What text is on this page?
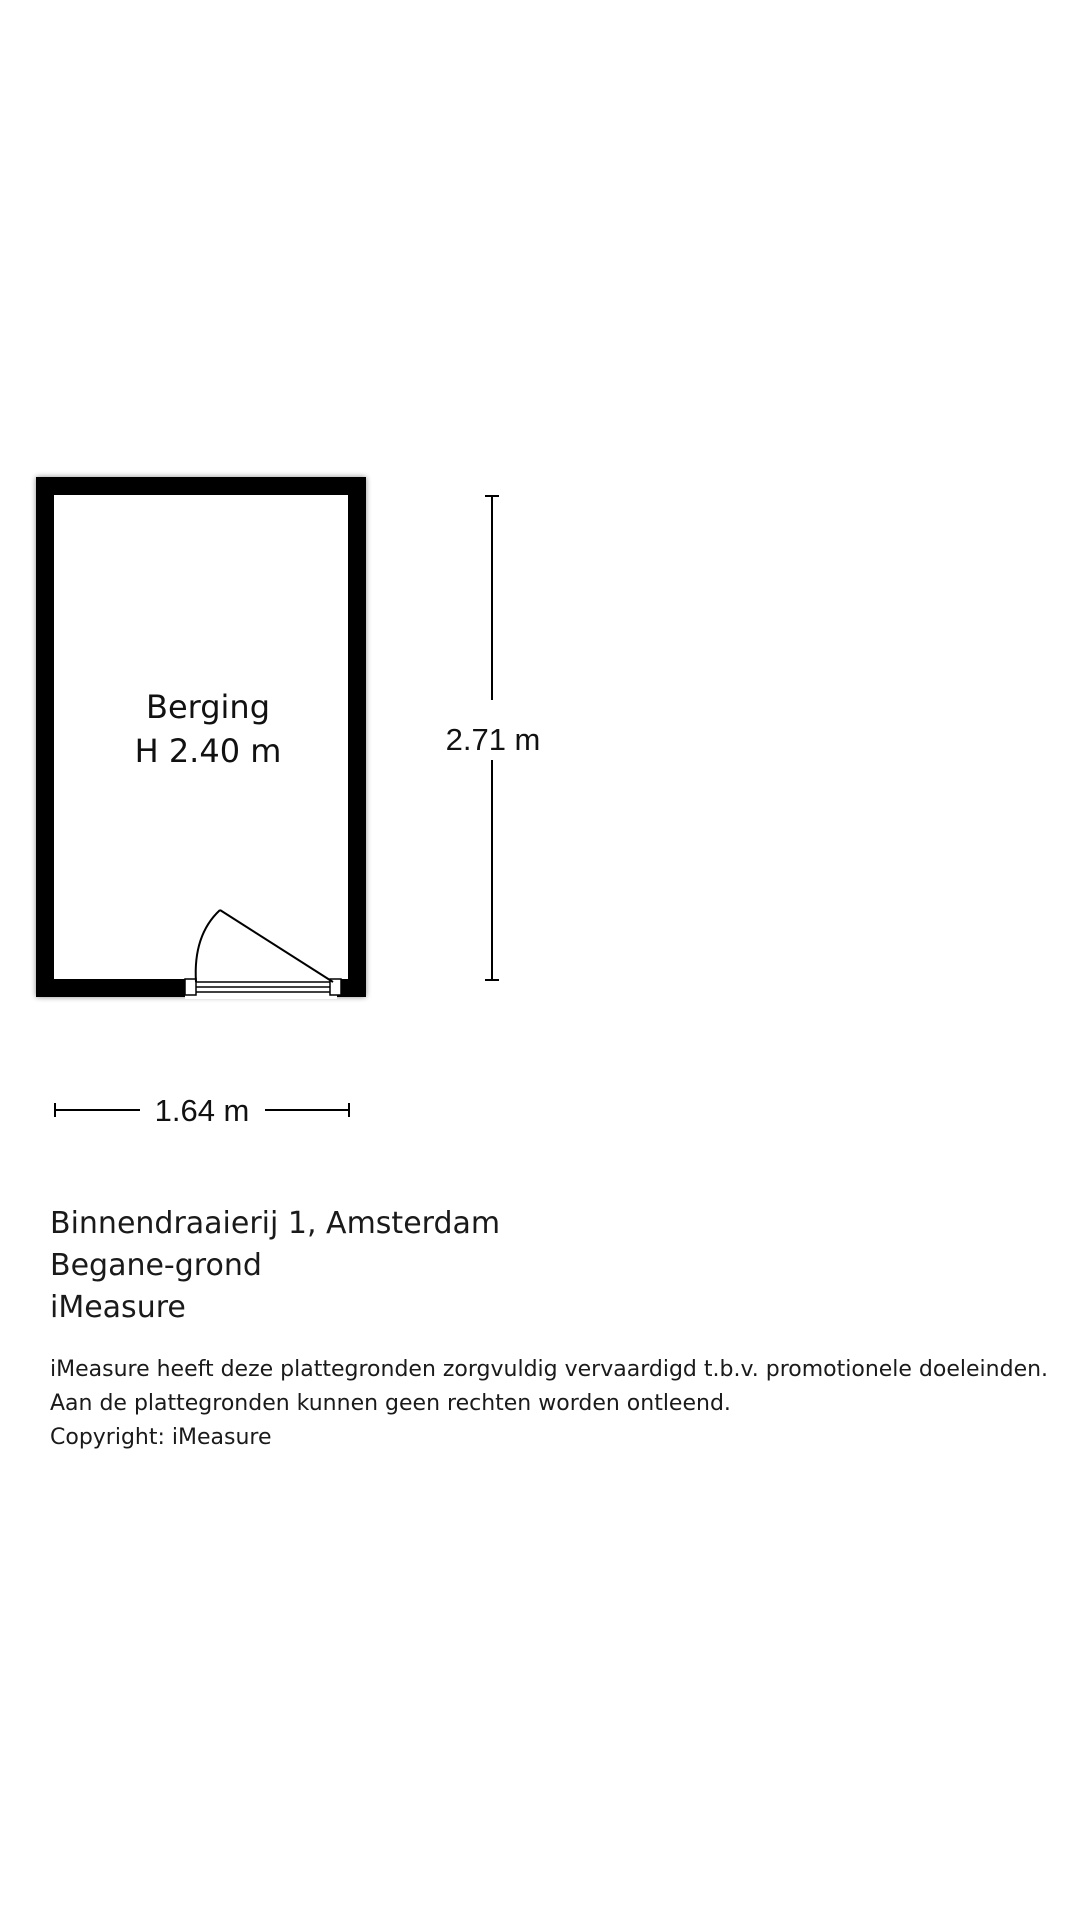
Berging
H 2.40 m	2.71 m
1.64 m
Binnendraaierij 1, Amsterdam
Begane-grond
iMeasure
iMeasure heeft deze plattegronden zorgvuldig vervaardigd t.b.v. promotionele doeleinden.
Aan de plattegronden kunnen geen rechten worden ontleend.
Copyright: iMeasure
